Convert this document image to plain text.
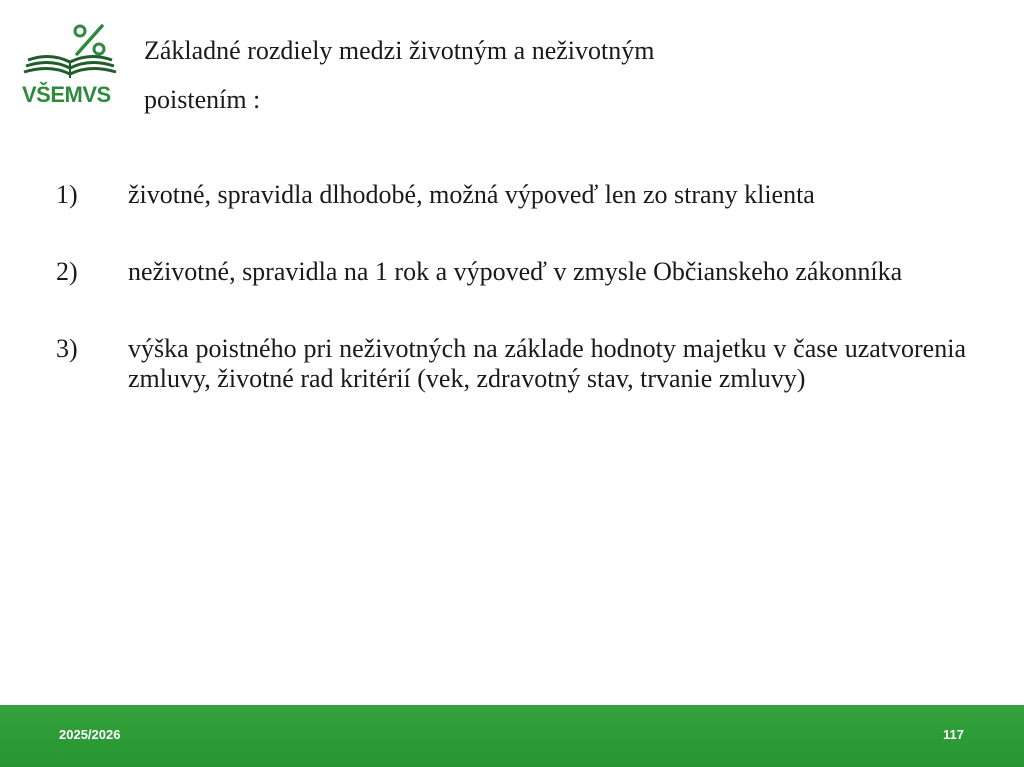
VŠEMVS
Základné rozdiely medzi životným a neživotným
poistením :
1) životné, spravidla dlhodobé, možná výpoveď len zo strany klienta
2) neživotné, spravidla na 1 rok a výpoveď v zmysle Občianskeho zákonníka
3) výška poistného pri neživotných na základe hodnoty majetku v čase uzatvorenia zmluvy, životné rad kritérií (vek, zdravotný stav, trvanie zmluvy)
2025/2026	117
